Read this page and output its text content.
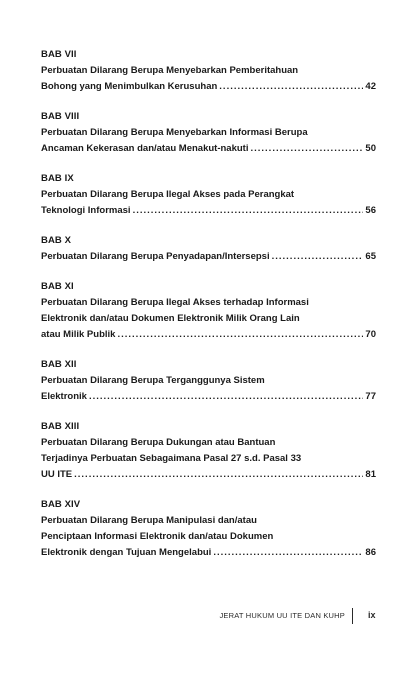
BAB VII
Perbuatan Dilarang Berupa Menyebarkan Pemberitahuan
Bohong yang Menimbulkan Kerusuhan .....	42
BAB VIII
Perbuatan Dilarang Berupa Menyebarkan Informasi Berupa
Ancaman Kekerasan dan/atau Menakut-nakuti .....	50
BAB IX
Perbuatan Dilarang Berupa Ilegal Akses pada Perangkat
Teknologi Informasi .....	56
BAB X
Perbuatan Dilarang Berupa Penyadapan/Intersepsi .....	65
BAB XI
Perbuatan Dilarang Berupa Ilegal Akses terhadap Informasi
Elektronik dan/atau Dokumen Elektronik Milik Orang Lain
atau Milik Publik .....	70
BAB XII
Perbuatan Dilarang Berupa Terganggunya Sistem
Elektronik .....	77
BAB XIII
Perbuatan Dilarang Berupa Dukungan atau Bantuan
Terjadinya Perbuatan Sebagaimana Pasal 27 s.d. Pasal 33
UU ITE .....	81
BAB XIV
Perbuatan Dilarang Berupa Manipulasi dan/atau
Penciptaan Informasi Elektronik dan/atau Dokumen
Elektronik dengan Tujuan Mengelabui .....	86
JERAT HUKUM UU ITE DAN KUHP	ix
